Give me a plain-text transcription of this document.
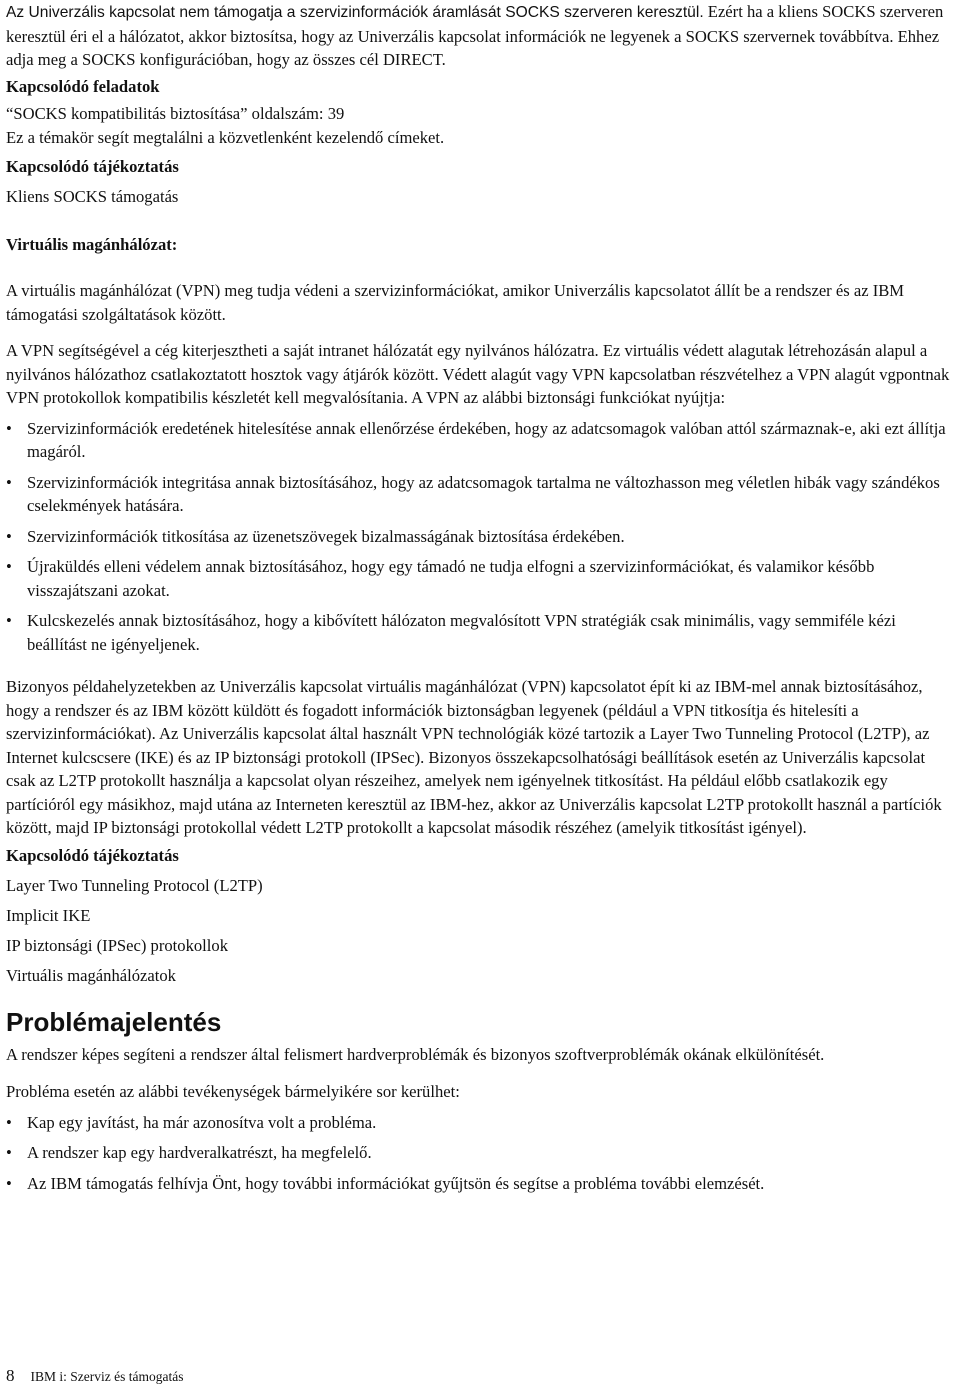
Az Univerzális kapcsolat nem támogatja a szervizinformációk áramlását SOCKS szerveren keresztül. Ezért ha a kliens SOCKS szerveren keresztül éri el a hálózatot, akkor biztosítsa, hogy az Univerzális kapcsolat információk ne legyenek a SOCKS szervernek továbbítva. Ehhez adja meg a SOCKS konfigurációban, hogy az összes cél DIRECT.

Kapcsolódó feladatok

“SOCKS kompatibilitás biztosítása” oldalszám: 39

Ez a témakör segít megtalálni a közvetlenként kezelendő címeket.

Kapcsolódó tájékoztatás

Kliens SOCKS támogatás

Virtuális magánhálózat:

A virtuális magánhálózat (VPN) meg tudja védeni a szervizinformációkat, amikor Univerzális kapcsolatot állít be a rendszer és az IBM támogatási szolgáltatások között.

A VPN segítségével a cég kiterjesztheti a saját intranet hálózatát egy nyilvános hálózatra. Ez virtuális védett alagutak létrehozásán alapul a nyilvános hálózathoz csatlakoztatott hosztok vagy átjárók között. Védett alagút vagy VPN kapcsolatban részvételhez a VPN alagút vgpontnak VPN protokollok kompatibilis készletét kell megvalósítania. A VPN az alábbi biztonsági funkciókat nyújtja:

• Szervizinformációk eredetének hitelesítése annak ellenőrzése érdekében, hogy az adatcsomagok valóban attól származnak-e, aki ezt állítja magáról.
• Szervizinformációk integritása annak biztosításához, hogy az adatcsomagok tartalma ne változhasson meg véletlen hibák vagy szándékos cselekmények hatására.
• Szervizinformációk titkosítása az üzenetszövegek bizalmasságának biztosítása érdekében.
• Újraküldés elleni védelem annak biztosításához, hogy egy támadó ne tudja elfogni a szervizinformációkat, és valamikor később visszajátszani azokat.
• Kulcskezelés annak biztosításához, hogy a kibővített hálózaton megvalósított VPN stratégiák csak minimális, vagy semmiféle kézi beállítást ne igényeljenek.

Bizonyos példahelyzetekben az Univerzális kapcsolat virtuális magánhálózat (VPN) kapcsolatot épít ki az IBM-mel annak biztosításához, hogy a rendszer és az IBM között küldött és fogadott információk biztonságban legyenek (például a VPN titkosítja és hitelesíti a szervizinformációkat). Az Univerzális kapcsolat által használt VPN technológiák közé tartozik a Layer Two Tunneling Protocol (L2TP), az Internet kulcscsere (IKE) és az IP biztonsági protokoll (IPSec). Bizonyos összekapcsolhatósági beállítások esetén az Univerzális kapcsolat csak az L2TP protokollt használja a kapcsolat olyan részeihez, amelyek nem igényelnek titkosítást. Ha például előbb csatlakozik egy partícióról egy másikhoz, majd utána az Interneten keresztül az IBM-hez, akkor az Univerzális kapcsolat L2TP protokollt használ a partíciók között, majd IP biztonsági protokollal védett L2TP protokollt a kapcsolat második részéhez (amelyik titkosítást igényel).

Kapcsolódó tájékoztatás

Layer Two Tunneling Protocol (L2TP)

Implicit IKE

IP biztonsági (IPSec) protokollok

Virtuális magánhálózatok

Problémajelentés

A rendszer képes segíteni a rendszer által felismert hardverproblémák és bizonyos szoftverproblémák okának elkülönítését.

Probléma esetén az alábbi tevékenységek bármelyikére sor kerülhet:

• Kap egy javítást, ha már azonosítva volt a probléma.
• A rendszer kap egy hardveralkatrészt, ha megfelelő.
• Az IBM támogatás felhívja Önt, hogy további információkat gyűjtsön és segítse a probléma további elemzését.
8 IBM i: Szerviz és támogatás
